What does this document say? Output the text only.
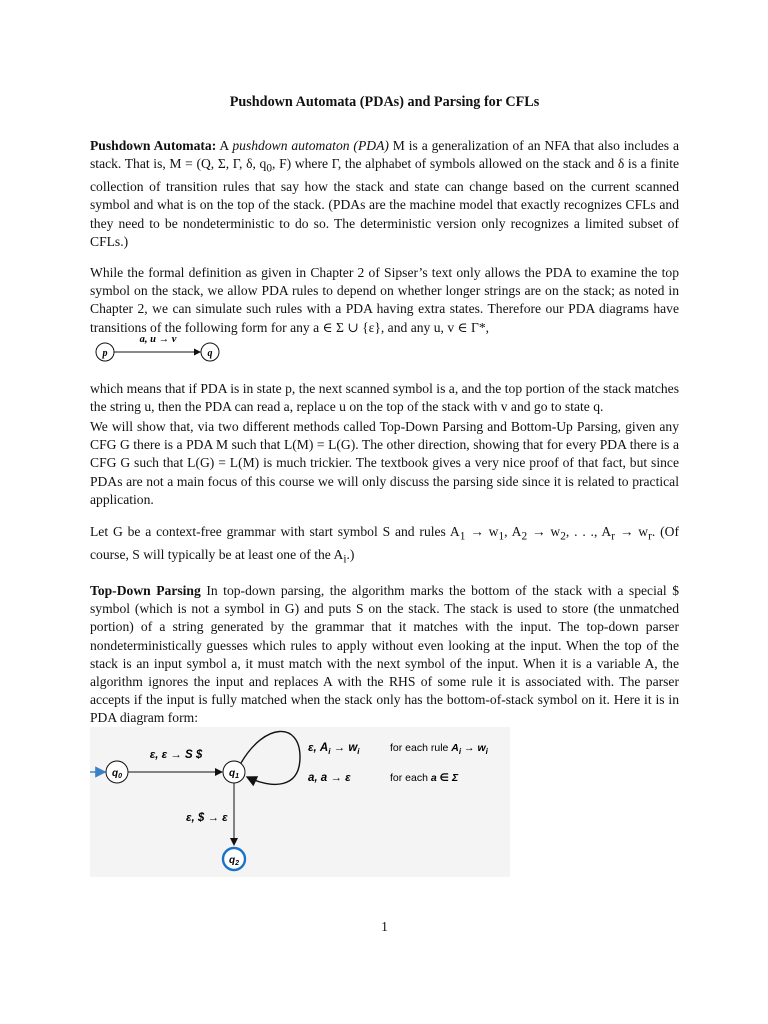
Pushdown Automata (PDAs) and Parsing for CFLs

Pushdown Automata: A pushdown automaton (PDA) M is a generalization of an NFA that also includes a stack. That is, M = (Q, Σ, Γ, δ, $q_0$, F) where Γ, the alphabet of symbols allowed on the stack and δ is a finite collection of transition rules that say how the stack and state can change based on the current scanned symbol and what is on the top of the stack. (PDAs are the machine model that exactly recognizes CFLs and they need to be nondeterministic to do so. The deterministic version only recognizes a limited subset of CFLs.)

While the formal definition as given in Chapter 2 of Sipser’s text only allows the PDA to examine the top symbol on the stack, we allow PDA rules to depend on whether longer strings are on the stack; as noted in Chapter 2, we can simulate such rules with a PDA having extra states. Therefore our PDA diagrams have transitions of the following form for any a ∈ Σ ∪ {ε}, and any u, v ∈ Γ*,

p	q
a, u → v

which means that if PDA is in state p, the next scanned symbol is a, and the top portion of the stack matches the string u, then the PDA can read a, replace u on the top of the stack with v and go to state q.

We will show that, via two different methods called Top-Down Parsing and Bottom-Up Parsing, given any CFG G there is a PDA M such that L(M) = L(G). The other direction, showing that for every PDA there is a CFG G such that L(G) = L(M) is much trickier. The textbook gives a very nice proof of that fact, but since PDAs are not a main focus of this course we will only discuss the parsing side since it is related to practical application.

Let G be a context-free grammar with start symbol S and rules $A_1 \to w_1$, $A_2 \to w_2$, . . ., $A_r \to w_r$. (Of course, S will typically be at least one of the $A_i$.)

Top-Down Parsing In top-down parsing, the algorithm marks the bottom of the stack with a special $ symbol (which is not a symbol in G) and puts S on the stack. The stack is used to store (the unmatched portion) of a string generated by the grammar that it matches with the input. The top-down parser nondeterministically guesses which rules to apply without even looking at the input. When the top of the stack is an input symbol a, it must match with the next symbol of the input. When it is a variable A, the algorithm ignores the input and replaces A with the RHS of some rule it is associated with. The parser accepts if the input is fully matched when the stack only has the bottom-of-stack symbol on it. Here it is in PDA diagram form:

$q_0$
ε, ε → S $
$q_1$
ε, $A_i \to w_i$	for each rule $A_i \to w_i$
a, a → ε	for each a ∈ Σ
ε, $ → ε
$q_2$
1
